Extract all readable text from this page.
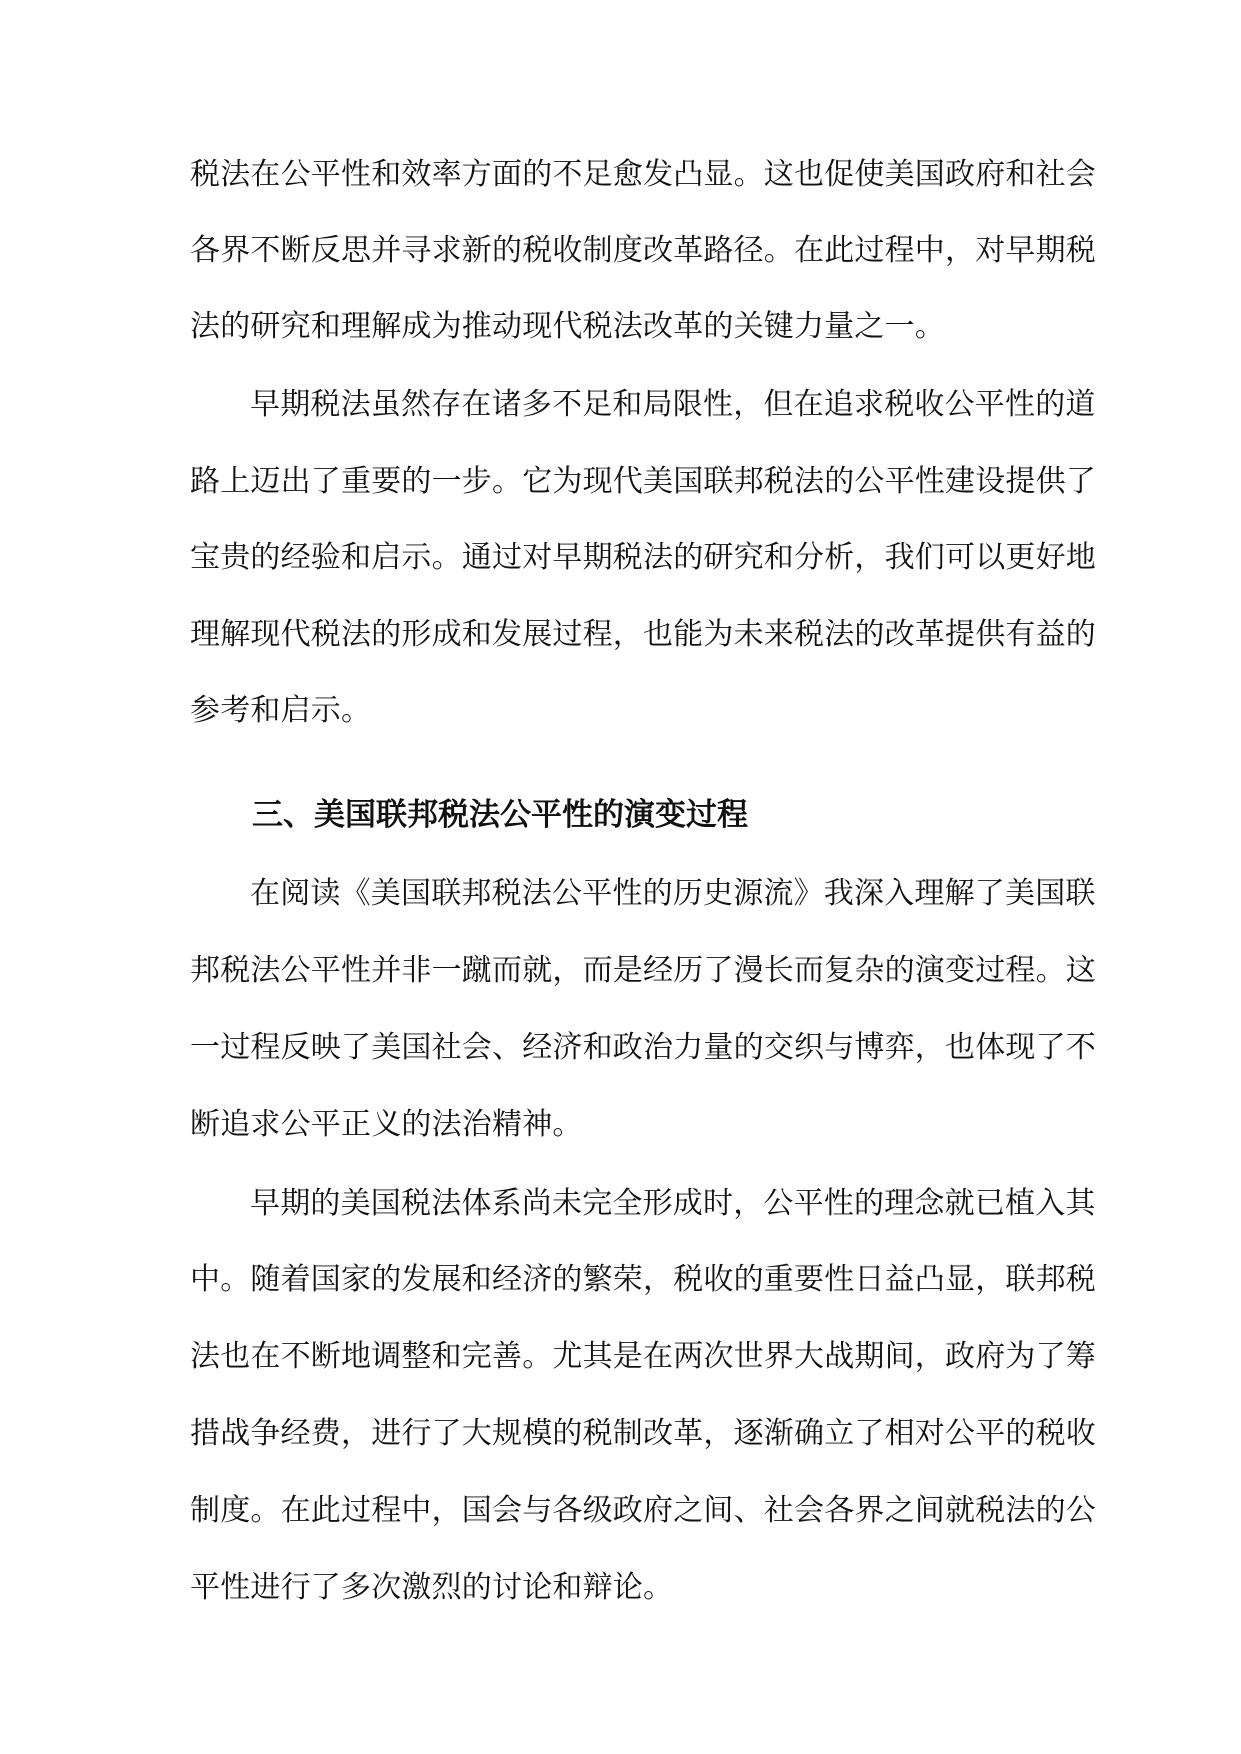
税法在公平性和效率方面的不足愈发凸显。这也促使美国政府和社会
各界不断反思并寻求新的税收制度改革路径。在此过程中，对早期税
法的研究和理解成为推动现代税法改革的关键力量之一。
早期税法虽然存在诸多不足和局限性，但在追求税收公平性的道
路上迈出了重要的一步。它为现代美国联邦税法的公平性建设提供了
宝贵的经验和启示。通过对早期税法的研究和分析，我们可以更好地
理解现代税法的形成和发展过程，也能为未来税法的改革提供有益的
参考和启示。
三、美国联邦税法公平性的演变过程
在阅读《美国联邦税法公平性的历史源流》我深入理解了美国联
邦税法公平性并非一蹴而就，而是经历了漫长而复杂的演变过程。这
一过程反映了美国社会、经济和政治力量的交织与博弈，也体现了不
断追求公平正义的法治精神。
早期的美国税法体系尚未完全形成时，公平性的理念就已植入其
中。随着国家的发展和经济的繁荣，税收的重要性日益凸显，联邦税
法也在不断地调整和完善。尤其是在两次世界大战期间，政府为了筹
措战争经费，进行了大规模的税制改革，逐渐确立了相对公平的税收
制度。在此过程中，国会与各级政府之间、社会各界之间就税法的公
平性进行了多次激烈的讨论和辩论。
